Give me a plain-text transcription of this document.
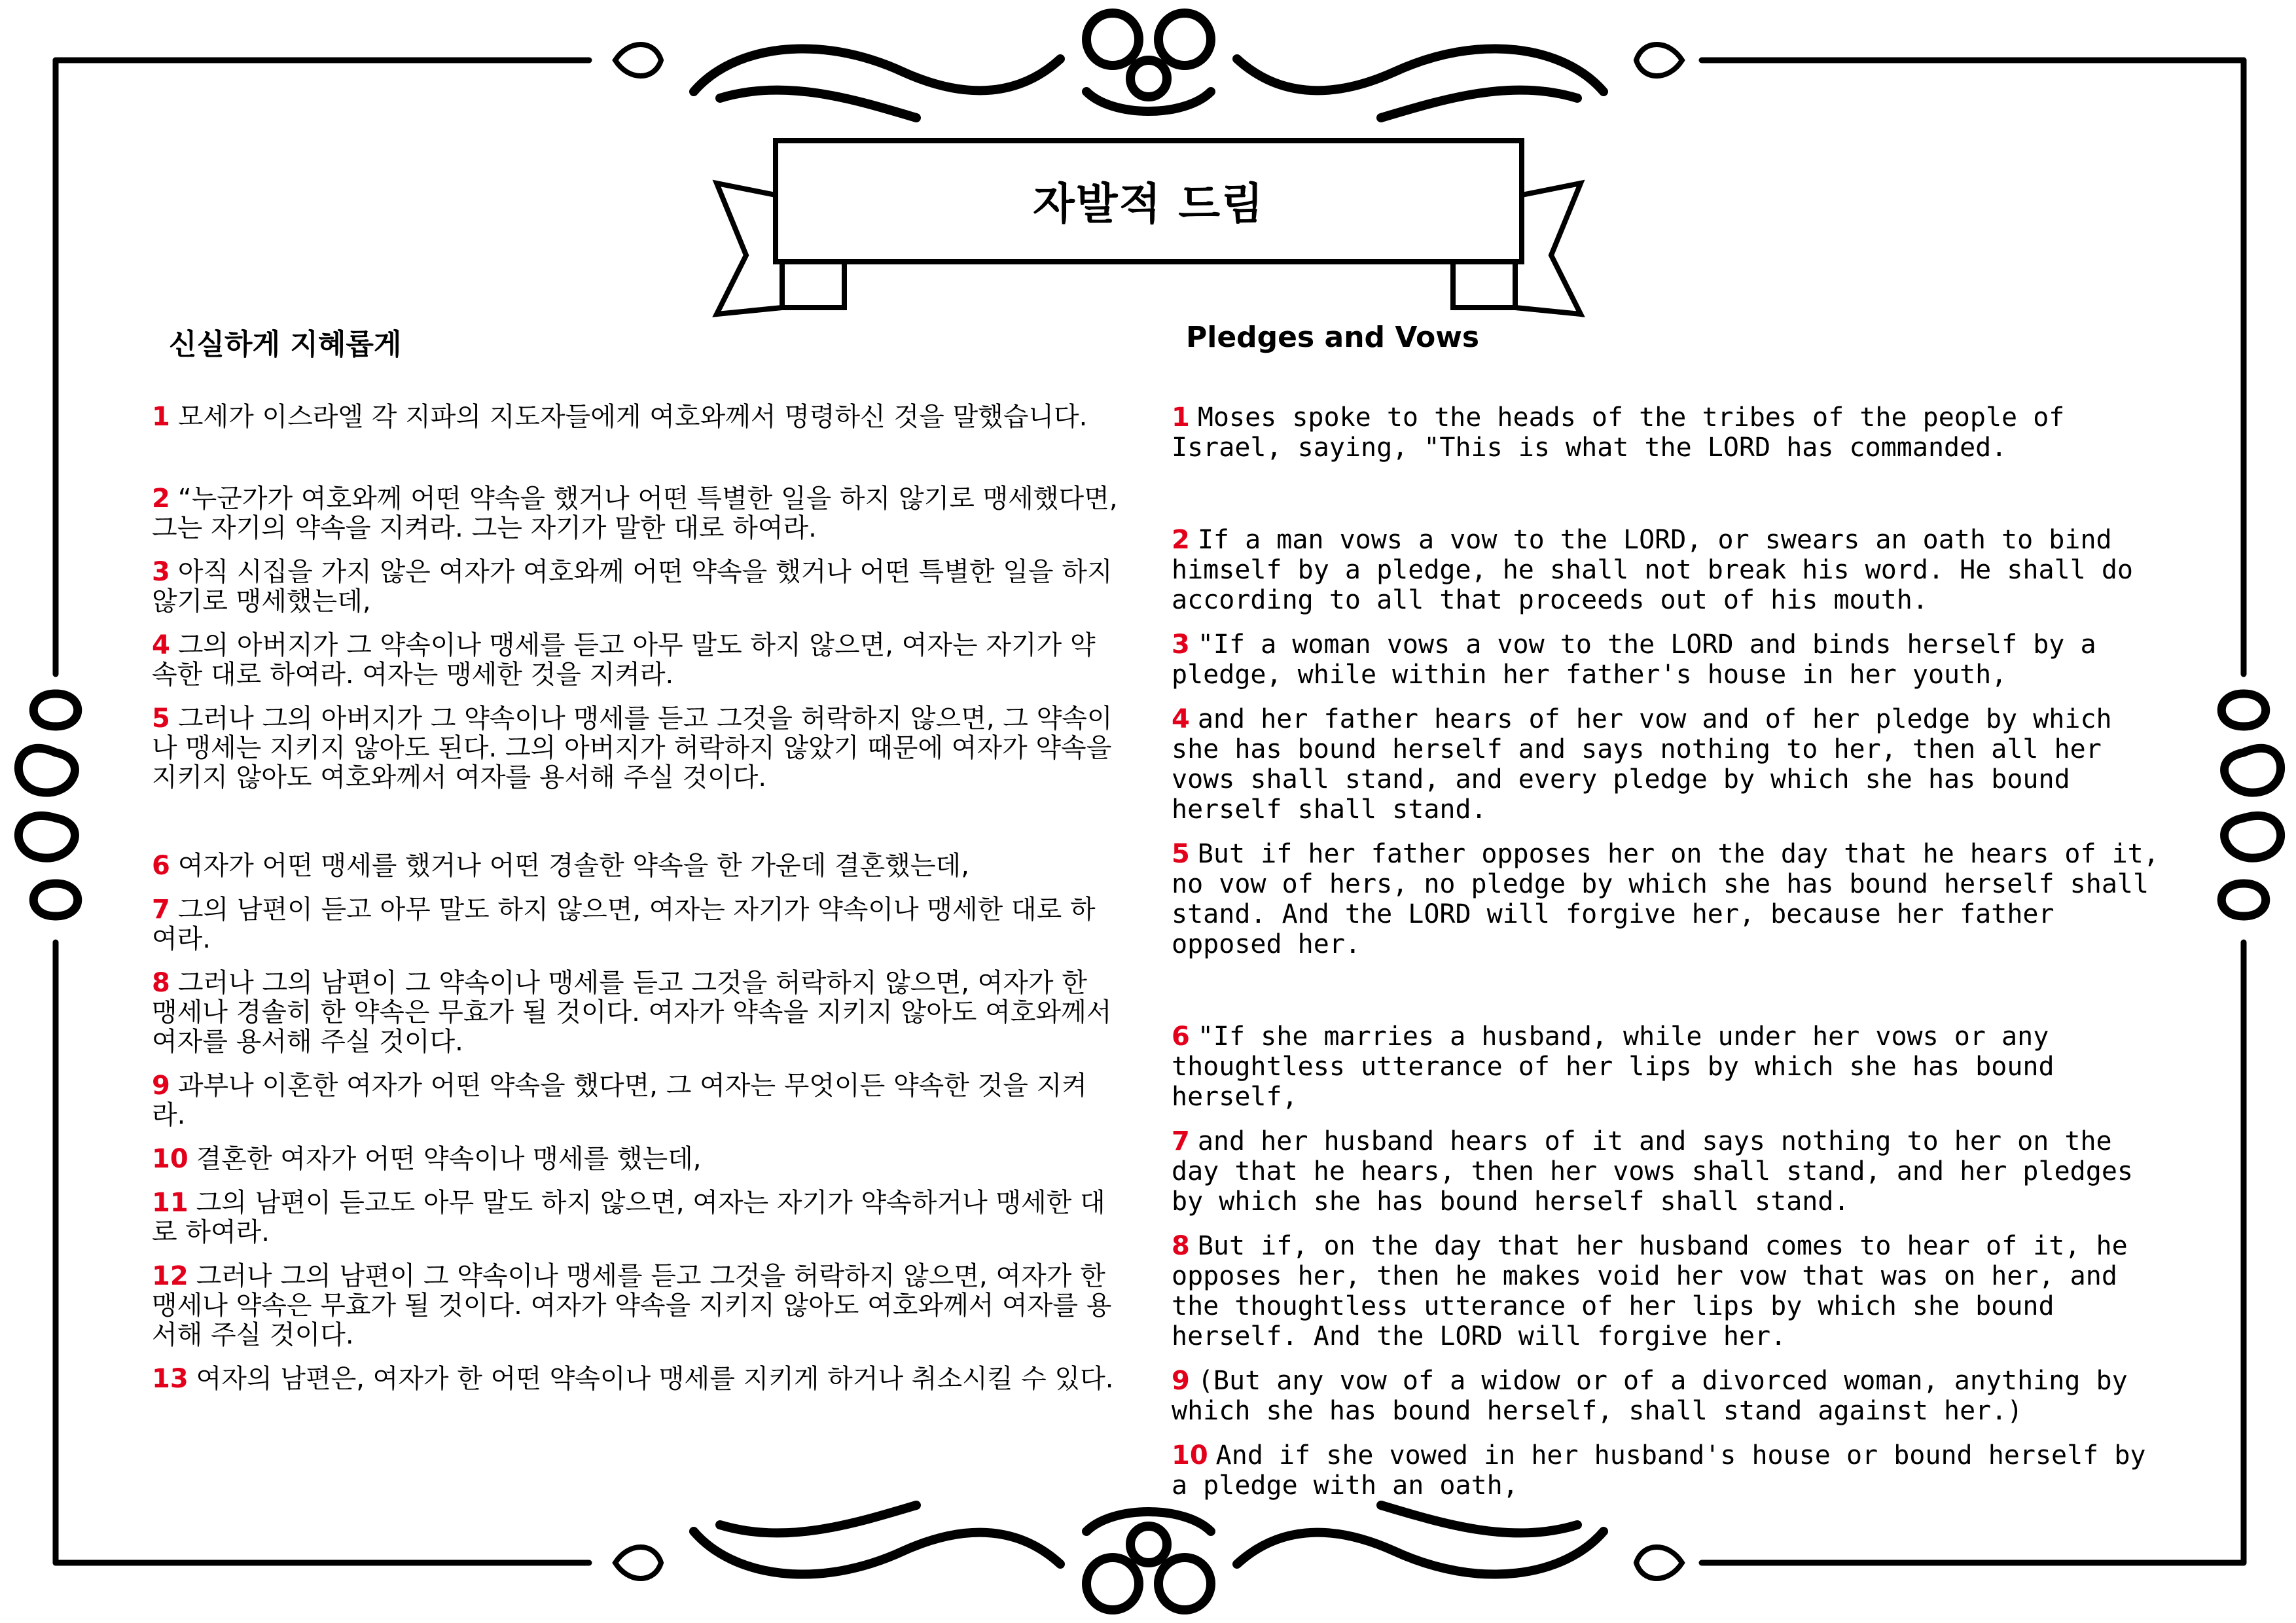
자발적 드림
신실하게 지혜롭게	Pledges and Vows

1 모세가 이스라엘 각 지파의 지도자들에게 여호와께서 명령하신 것을 말했습니다.

2 “누군가가 여호와께 어떤 약속을 했거나 어떤 특별한 일을 하지 않기로 맹세했다면, 그는 자기의 약속을 지켜라. 그는 자기가 말한 대로 하여라.

3 아직 시집을 가지 않은 여자가 여호와께 어떤 약속을 했거나 어떤 특별한 일을 하지 않기로 맹세했는데,

4 그의 아버지가 그 약속이나 맹세를 듣고 아무 말도 하지 않으면, 여자는 자기가 약속한 대로 하여라. 여자는 맹세한 것을 지켜라.

5 그러나 그의 아버지가 그 약속이나 맹세를 듣고 그것을 허락하지 않으면, 그 약속이나 맹세는 지키지 않아도 된다. 그의 아버지가 허락하지 않았기 때문에 여자가 약속을 지키지 않아도 여호와께서 여자를 용서해 주실 것이다.

6 여자가 어떤 맹세를 했거나 어떤 경솔한 약속을 한 가운데 결혼했는데,

7 그의 남편이 듣고 아무 말도 하지 않으면, 여자는 자기가 약속이나 맹세한 대로 하여라.

8 그러나 그의 남편이 그 약속이나 맹세를 듣고 그것을 허락하지 않으면, 여자가 한 맹세나 경솔히 한 약속은 무효가 될 것이다. 여자가 약속을 지키지 않아도 여호와께서 여자를 용서해 주실 것이다.

9 과부나 이혼한 여자가 어떤 약속을 했다면, 그 여자는 무엇이든 약속한 것을 지켜라.

10 결혼한 여자가 어떤 약속이나 맹세를 했는데,

11 그의 남편이 듣고도 아무 말도 하지 않으면, 여자는 자기가 약속하거나 맹세한 대로 하여라.

12 그러나 그의 남편이 그 약속이나 맹세를 듣고 그것을 허락하지 않으면, 여자가 한 맹세나 약속은 무효가 될 것이다. 여자가 약속을 지키지 않아도 여호와께서 여자를 용서해 주실 것이다.

13 여자의 남편은, 여자가 한 어떤 약속이나 맹세를 지키게 하거나 취소시킬 수 있다.

1 Moses spoke to the heads of the tribes of the people of Israel, saying, "This is what the LORD has commanded.

2 If a man vows a vow to the LORD, or swears an oath to bind himself by a pledge, he shall not break his word. He shall do according to all that proceeds out of his mouth.

3 "If a woman vows a vow to the LORD and binds herself by a pledge, while within her father's house in her youth,

4 and her father hears of her vow and of her pledge by which she has bound herself and says nothing to her, then all her vows shall stand, and every pledge by which she has bound herself shall stand.

5 But if her father opposes her on the day that he hears of it, no vow of hers, no pledge by which she has bound herself shall stand. And the LORD will forgive her, because her father opposed her.

6 "If she marries a husband, while under her vows or any thoughtless utterance of her lips by which she has bound herself,

7 and her husband hears of it and says nothing to her on the day that he hears, then her vows shall stand, and her pledges by which she has bound herself shall stand.

8 But if, on the day that her husband comes to hear of it, he opposes her, then he makes void her vow that was on her, and the thoughtless utterance of her lips by which she bound herself. And the LORD will forgive her.

9 (But any vow of a widow or of a divorced woman, anything by which she has bound herself, shall stand against her.)

10 And if she vowed in her husband's house or bound herself by a pledge with an oath,
